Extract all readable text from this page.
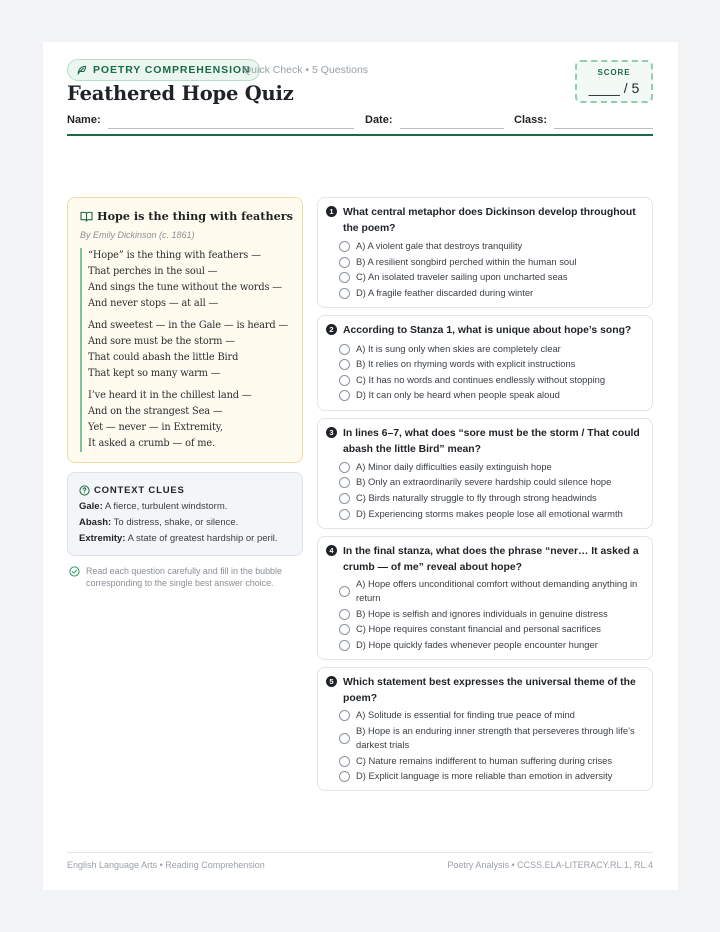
POETRY COMPREHENSION
Quick Check • 5 Questions
Feathered Hope Quiz
SCORE
____ / 5
Name:	Date:	Class:
Hope is the thing with feathers
By Emily Dickinson (c. 1861)
“Hope” is the thing with feathers —
That perches in the soul —
And sings the tune without the words —
And never stops — at all —
And sweetest — in the Gale — is heard —
And sore must be the storm —
That could abash the little Bird
That kept so many warm —
I’ve heard it in the chillest land —
And on the strangest Sea —
Yet — never — in Extremity,
It asked a crumb — of me.
CONTEXT CLUES
Gale: A fierce, turbulent windstorm.
Abash: To distress, shake, or silence.
Extremity: A state of greatest hardship or peril.
Read each question carefully and fill in the bubble corresponding to the single best answer choice.
1 What central metaphor does Dickinson develop throughout the poem?
A) A violent gale that destroys tranquility
B) A resilient songbird perched within the human soul
C) An isolated traveler sailing upon uncharted seas
D) A fragile feather discarded during winter
2 According to Stanza 1, what is unique about hope’s song?
A) It is sung only when skies are completely clear
B) It relies on rhyming words with explicit instructions
C) It has no words and continues endlessly without stopping
D) It can only be heard when people speak aloud
3 In lines 6–7, what does “sore must be the storm / That could abash the little Bird” mean?
A) Minor daily difficulties easily extinguish hope
B) Only an extraordinarily severe hardship could silence hope
C) Birds naturally struggle to fly through strong headwinds
D) Experiencing storms makes people lose all emotional warmth
4 In the final stanza, what does the phrase “never… It asked a crumb — of me” reveal about hope?
A) Hope offers unconditional comfort without demanding anything in return
B) Hope is selfish and ignores individuals in genuine distress
C) Hope requires constant financial and personal sacrifices
D) Hope quickly fades whenever people encounter hunger
5 Which statement best expresses the universal theme of the poem?
A) Solitude is essential for finding true peace of mind
B) Hope is an enduring inner strength that perseveres through life’s darkest trials
C) Nature remains indifferent to human suffering during crises
D) Explicit language is more reliable than emotion in adversity
English Language Arts • Reading Comprehension	Poetry Analysis • CCSS.ELA-LITERACY.RL.1, RL.4
